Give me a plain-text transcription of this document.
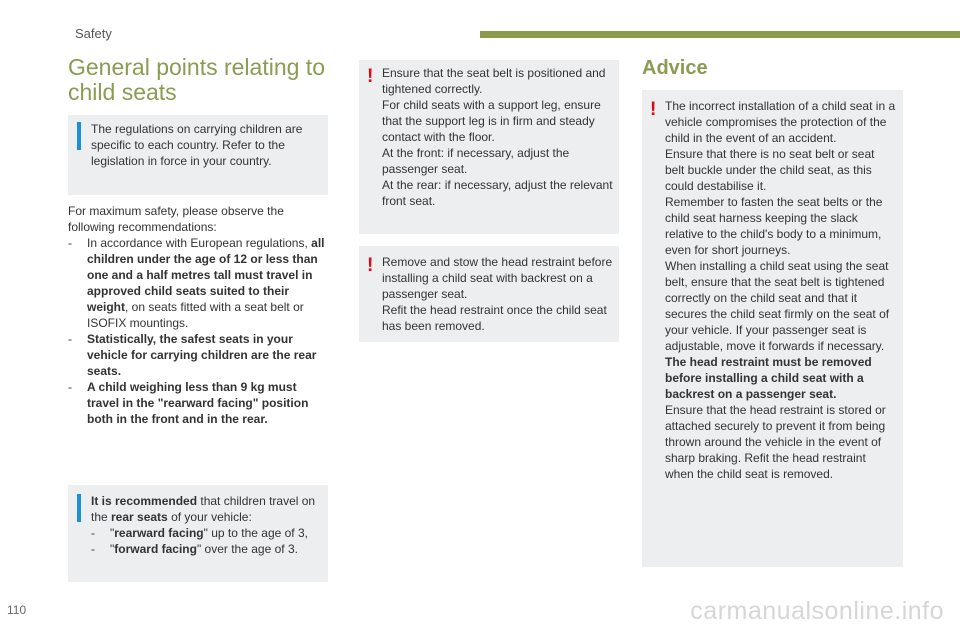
Safety
General points relating to child seats

The regulations on carrying children are specific to each country. Refer to the legislation in force in your country.

For maximum safety, please observe the following recommendations:
-	In accordance with European regulations, all children under the age of 12 or less than one and a half metres tall must travel in approved child seats suited to their weight, on seats fitted with a seat belt or ISOFIX mountings.
-	Statistically, the safest seats in your vehicle for carrying children are the rear seats.
-	A child weighing less than 9 kg must travel in the "rearward facing" position both in the front and in the rear.

It is recommended that children travel on the rear seats of your vehicle:

-	"rearward facing" up to the age of 3,
-	"forward facing" over the age of 3.
! Ensure that the seat belt is positioned and tightened correctly.

For child seats with a support leg, ensure that the support leg is in firm and steady contact with the floor.

At the front: if necessary, adjust the passenger seat.

At the rear: if necessary, adjust the relevant front seat.

! Remove and stow the head restraint before installing a child seat with backrest on a passenger seat.

Refit the head restraint once the child seat has been removed.

Advice
! The incorrect installation of a child seat in a vehicle compromises the protection of the child in the event of an accident.

Ensure that there is no seat belt or seat belt buckle under the child seat, as this could destabilise it.

Remember to fasten the seat belts or the child seat harness keeping the slack relative to the child's body to a minimum, even for short journeys.

When installing a child seat using the seat belt, ensure that the seat belt is tightened correctly on the child seat and that it secures the child seat firmly on the seat of your vehicle. If your passenger seat is adjustable, move it forwards if necessary.

The head restraint must be removed before installing a child seat with a backrest on a passenger seat.

Ensure that the head restraint is stored or attached securely to prevent it from being thrown around the vehicle in the event of sharp braking. Refit the head restraint when the child seat is removed.

110	carmanualsonline.info
